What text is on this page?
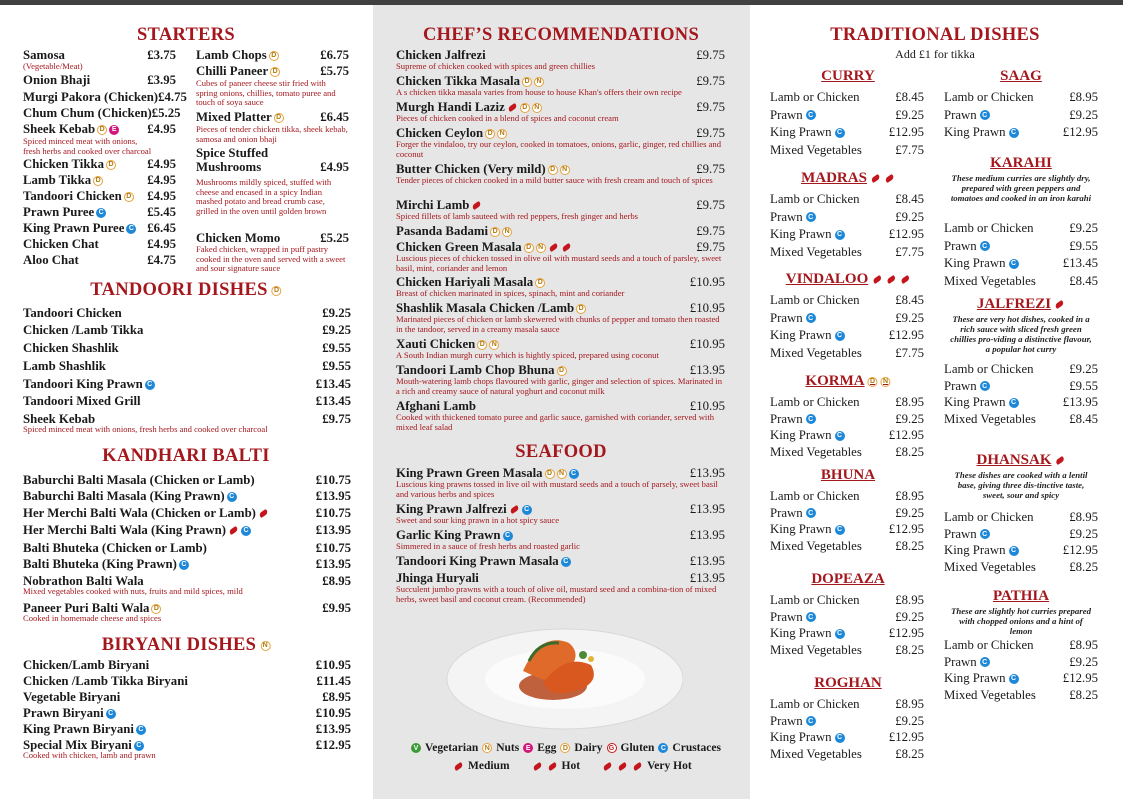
STARTERS
Samosa	£3.75
(Vegetable/Meat)
Onion Bhaji	£3.95
Murgi Pakora (Chicken) £4.75
Chum Chum (Chicken) £5.25
Sheek Kebab D	E £4.95
Spiced minced meat with onions, fresh herbs and cooked over charcoal
Chicken Tikka D	£4.95
Lamb Tikka D	£4.95
Tandoori Chicken D £4.95
Prawn Puree C	£5.45
King Prawn Puree C £6.45
Chicken Chat	£4.95
Aloo Chat	£4.75
Lamb Chops D	£6.75
Chilli Paneer D	£5.75
Cubes of paneer cheese stir fried with spring onions, chillies, tomato puree and touch of soya sauce
Mixed Platter D	£6.45
Pieces of tender chicken tikka, sheek kebab, samosa and onion bhaji
Spice Stuffed Mushrooms	£4.95
Mushrooms mildly spiced, stuffed with cheese and encased in a spicy Indian mashed potato and bread crumb case, grilled in the oven until golden brown
Chicken Momo	£5.25
Faked chicken, wrapped in puff pastry cooked in the oven and served with a sweet and sour signature sauce
TANDOORI DISHES D
Tandoori Chicken	£9.25
Chicken /Lamb Tikka	£9.25
Chicken Shashlik	£9.55
Lamb Shashlik	£9.55
Tandoori King Prawn C	£13.45
Tandoori Mixed Grill	£13.45
Sheek Kebab	£9.75
Spiced minced meat with onions, fresh herbs and cooked over charcoal
KANDHARI BALTI
Baburchi Balti Masala (Chicken or Lamb)	£10.75
Baburchi Balti Masala (King Prawn) C	£13.95
Her Merchi Balti Wala (Chicken or Lamb)	£10.75
Her Merchi Balti Wala (King Prawn)	C	£13.95
Balti Bhuteka (Chicken or Lamb)	£10.75
Balti Bhuteka (King Prawn) C	£13.95
Nobrathon Balti Wala	£8.95
Mixed vegetables cooked with nuts, fruits and mild spices, mild
Paneer Puri Balti Wala D	£9.95
Cooked in homemade cheese and spices
BIRYANI DISHES N
Chicken/Lamb Biryani	£10.95
Chicken /Lamb Tikka Biryani	£11.45
Vegetable Biryani	£8.95
Prawn Biryani C	£10.95
King Prawn Biryani C	£13.95
Special Mix Biryani C	£12.95
Cooked with chicken, lamb and prawn
CHEF’S RECOMMENDATIONS
Chicken Jalfrezi	£9.75
Supreme of chicken cooked with spices and green chillies
Chicken Tikka Masala D N	£9.75
A s chicken tikka masala varies from house to house Khan's offers their own recipe
Murgh Handi Laziz	D N	£9.75
Pieces of chicken cooked in a blend of spices and coconut cream
Chicken Ceylon D N	£9.75
Forger the vindaloo, try our ceylon, cooked in tomatoes, onions, garlic, ginger, red chillies and coconut
Butter Chicken (Very mild) D N	£9.75
Tender pieces of chicken cooked in a mild butter sauce with fresh cream and touch of spices
Mirchi Lamb	£9.75
Spiced fillets of lamb sauteed with red peppers, fresh ginger and herbs
Pasanda Badami D N	£9.75
Chicken Green Masala D N	£9.75
Luscious pieces of chicken tossed in olive oil with mustard seeds and a touch of parsley, sweet basil, mint, coriander and lemon
Chicken Hariyali Masala D	£10.95
Breast of chicken marinated in spices, spinach, mint and coriander
Shashlik Masala Chicken /Lamb D	£10.95
Marinated pieces of chicken or lamb skewered with chunks of pepper and tomato then roasted in the tandoor, served in a creamy masala sauce
Xauti Chicken D N	£10.95
A South Indian murgh curry which is hightly spiced, prepared using coconut
Tandoori Lamb Chop Bhuna D	£13.95
Mouth-watering lamb chops flavoured with garlic, ginger and selection of spices. Marinated in a rich and creamy sauce of natural yoghurt and coconut milk
Afghani Lamb	£10.95
Cooked with thickened tomato puree and garlic sauce, garnished with coriander, served with mixed leaf salad
SEAFOOD
King Prawn Green Masala D N C	£13.95
Luscious king prawns tossed in live oil with mustard seeds and a touch of parsely, sweet basil and various herbs and spices
King Prawn Jalfrezi	C	£13.95
Sweet and sour king prawn in a hot spicy sauce
Garlic King Prawn C	£13.95
Simmered in a sauce of fresh herbs and roasted garlic
Tandoori King Prawn Masala C	£13.95
Jhinga Huryali	£13.95
Succulent jumbo prawns with a touch of olive oil, mustard seed and a combina-tion of mixed herbs, sweet basil and coconut cream. (Recommended)
V Vegetarian N Nuts E Egg D Dairy G Gluten C Crustaces
Medium	Hot	Very Hot
TRADITIONAL DISHES
Add £1 for tikka
CURRY
Lamb or Chicken	£8.45
Prawn C	£9.25
King Prawn C	£12.95
Mixed Vegetables	£7.75
MADRAS
Lamb or Chicken	£8.45
Prawn C	£9.25
King Prawn C	£12.95
Mixed Vegetables	£7.75
VINDALOO
Lamb or Chicken	£8.45
Prawn C	£9.25
King Prawn C	£12.95
Mixed Vegetables	£7.75
KORMA D	N
Lamb or Chicken	£8.95
Prawn C	£9.25
King Prawn C	£12.95
Mixed Vegetables	£8.25
BHUNA
Lamb or Chicken	£8.95
Prawn C	£9.25
King Prawn C	£12.95
Mixed Vegetables	£8.25
DOPEAZA
Lamb or Chicken	£8.95
Prawn C	£9.25
King Prawn C	£12.95
Mixed Vegetables	£8.25
ROGHAN
Lamb or Chicken	£8.95
Prawn C	£9.25
King Prawn C	£12.95
Mixed Vegetables	£8.25
SAAG
Lamb or Chicken	£8.95
Prawn C	£9.25
King Prawn C	£12.95
KARAHI
These medium curries are slightly dry, prepared with green peppers and tomatoes and cooked in an iron karahi
Lamb or Chicken	£9.25
Prawn C	£9.55
King Prawn C	£13.45
Mixed Vegetables	£8.45
JALFREZI
These are very hot dishes, cooked in a rich sauce with sliced fresh green chillies pro-viding a distinctive flavour, a popular hot curry
Lamb or Chicken	£9.25
Prawn C	£9.55
King Prawn C	£13.95
Mixed Vegetables	£8.45
DHANSAK
These dishes are cooked with a lentil base, giving three dis-tinctive taste, sweet, sour and spicy
Lamb or Chicken	£8.95
Prawn C	£9.25
King Prawn C	£12.95
Mixed Vegetables	£8.25
PATHIA
These are slightly hot curries prepared with chopped onions and a hint of lemon
Lamb or Chicken	£8.95
Prawn C	£9.25
King Prawn C	£12.95
Mixed Vegetables	£8.25
